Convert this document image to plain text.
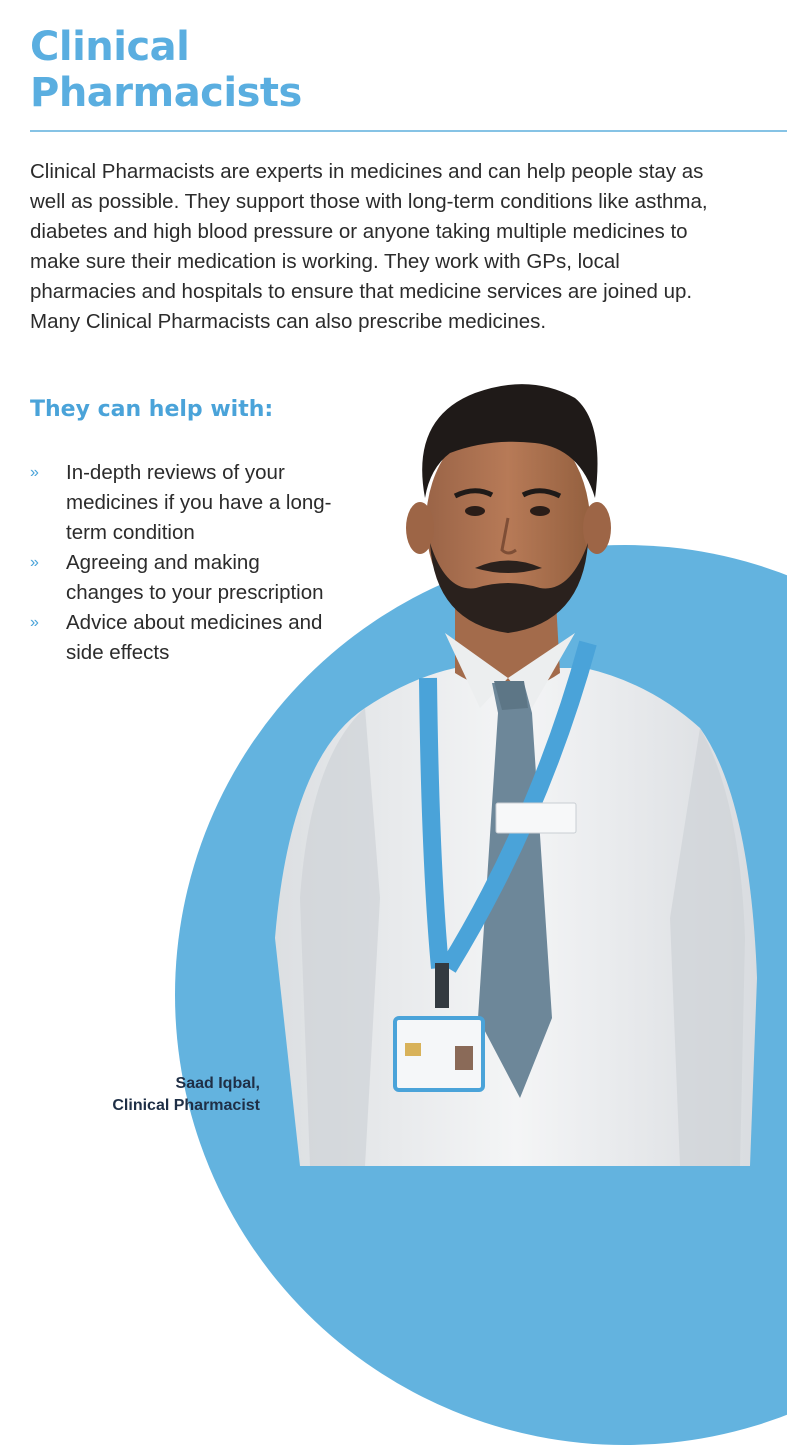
Clinical
Pharmacists

Clinical Pharmacists are experts in medicines and can help people stay as well as possible. They support those with long-term conditions like asthma, diabetes and high blood pressure or anyone taking multiple medicines to make sure their medication is working. They work with GPs, local pharmacies and hospitals to ensure that medicine services are joined up. Many Clinical Pharmacists can also prescribe medicines.

They can help with:
» In-depth reviews of your medicines if you have a long-term condition
» Agreeing and making changes to your prescription
» Advice about medicines and side effects
Saad Iqbal,
Clinical Pharmacist
